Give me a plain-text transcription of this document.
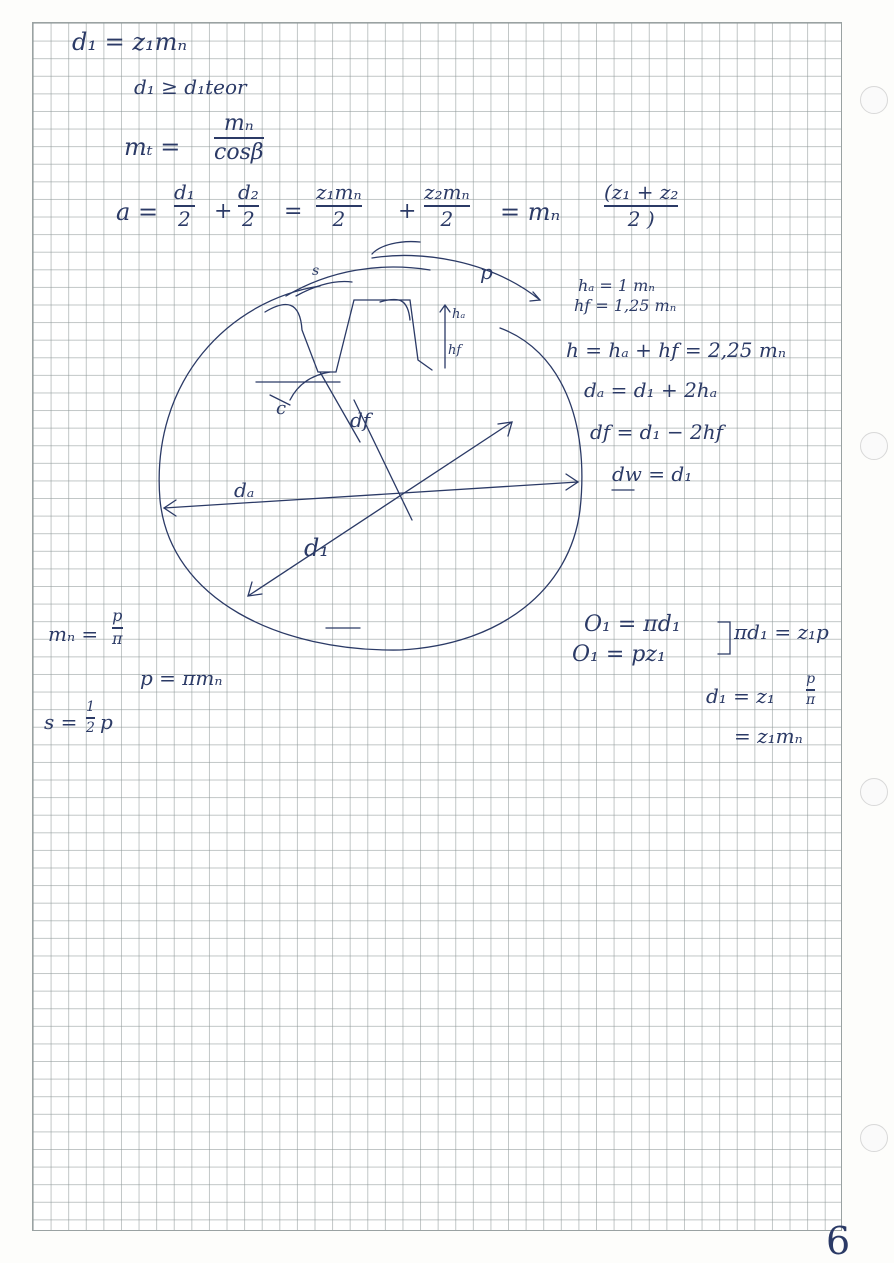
d₁ = z₁mₙ
d₁ ≥ d₁teor
mₜ =
mₙ
cosβ
a =
d₁
2 +
d₂
2 =
z₁mₙ
2 +
z₂mₙ
2 = mₙ
(z₁ + z₂
2 )
hₐ = 1 mₙ
hf = 1,25 mₙ
h = hₐ + hf = 2,25 mₙ
dₐ = d₁ + 2hₐ
df = d₁ − 2hf
dw = d₁
s	p
hₐ
hf
c	df
dₐ
d₁
mₙ =
p
π
p = πmₙ
s =
1
2 p
O₁ = πd₁
O₁ = pz₁
πd₁ = z₁p
d₁ = z₁
p
π
= z₁mₙ
6
